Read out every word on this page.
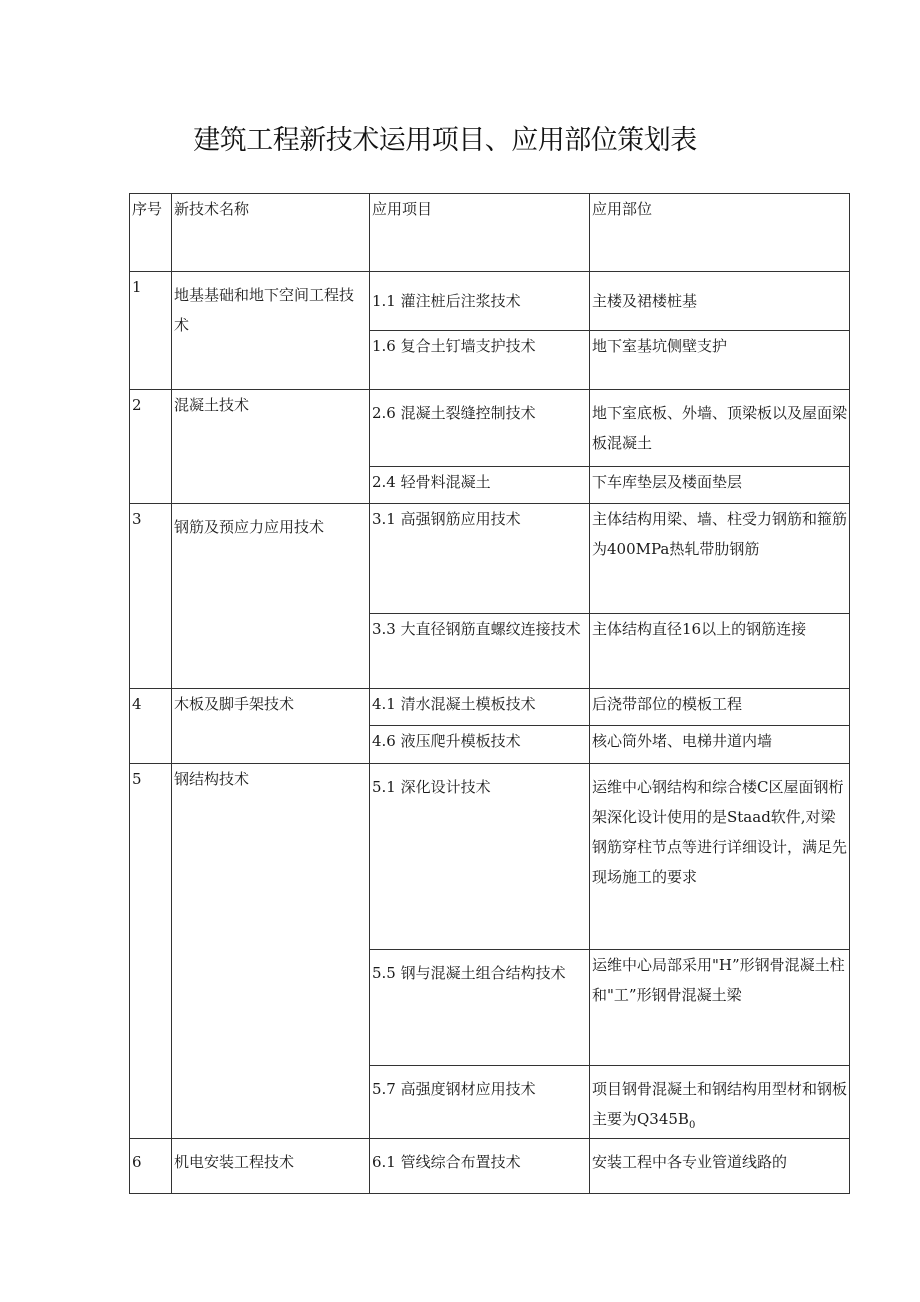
建筑工程新技术运用项目、应用部位策划表
序号	新技术名称	应用项目	应用部位
1	地基基础和地下空间工程技术	1.1 灌注桩后注浆技术	主楼及裙楼桩基
		1.6 复合土钉墙支护技术	地下室基坑侧壁支护
2	混凝土技术	2.6 混凝土裂缝控制技术	地下室底板、外墙、顶梁板以及屋面梁板混凝土
		2.4 轻骨料混凝土	下车库垫层及楼面垫层
3	钢筋及预应力应用技术	3.1 高强钢筋应用技术	主体结构用梁、墙、柱受力钢筋和箍筋为400MPa热轧带肋钢筋
		3.3 大直径钢筋直螺纹连接技术	主体结构直径16以上的钢筋连接
4	木板及脚手架技术	4.1 清水混凝土模板技术	后浇带部位的模板工程
		4.6 液压爬升模板技术	核心筒外堵、电梯井道内墙
5	钢结构技术	5.1 深化设计技术	运维中心钢结构和综合楼C区屋面钢桁架深化设计使用的是Staad软件,对梁钢筋穿柱节点等进行详细设计，满足先现场施工的要求
		5.5 钢与混凝土组合结构技术	运维中心局部采用"H”形钢骨混凝土柱和"工”形钢骨混凝土梁
		5.7 高强度钢材应用技术	项目钢骨混凝土和钢结构用型材和钢板主要为$Q345B_0$
6	机电安装工程技术	6.1 管线综合布置技术	安装工程中各专业管道线路的
